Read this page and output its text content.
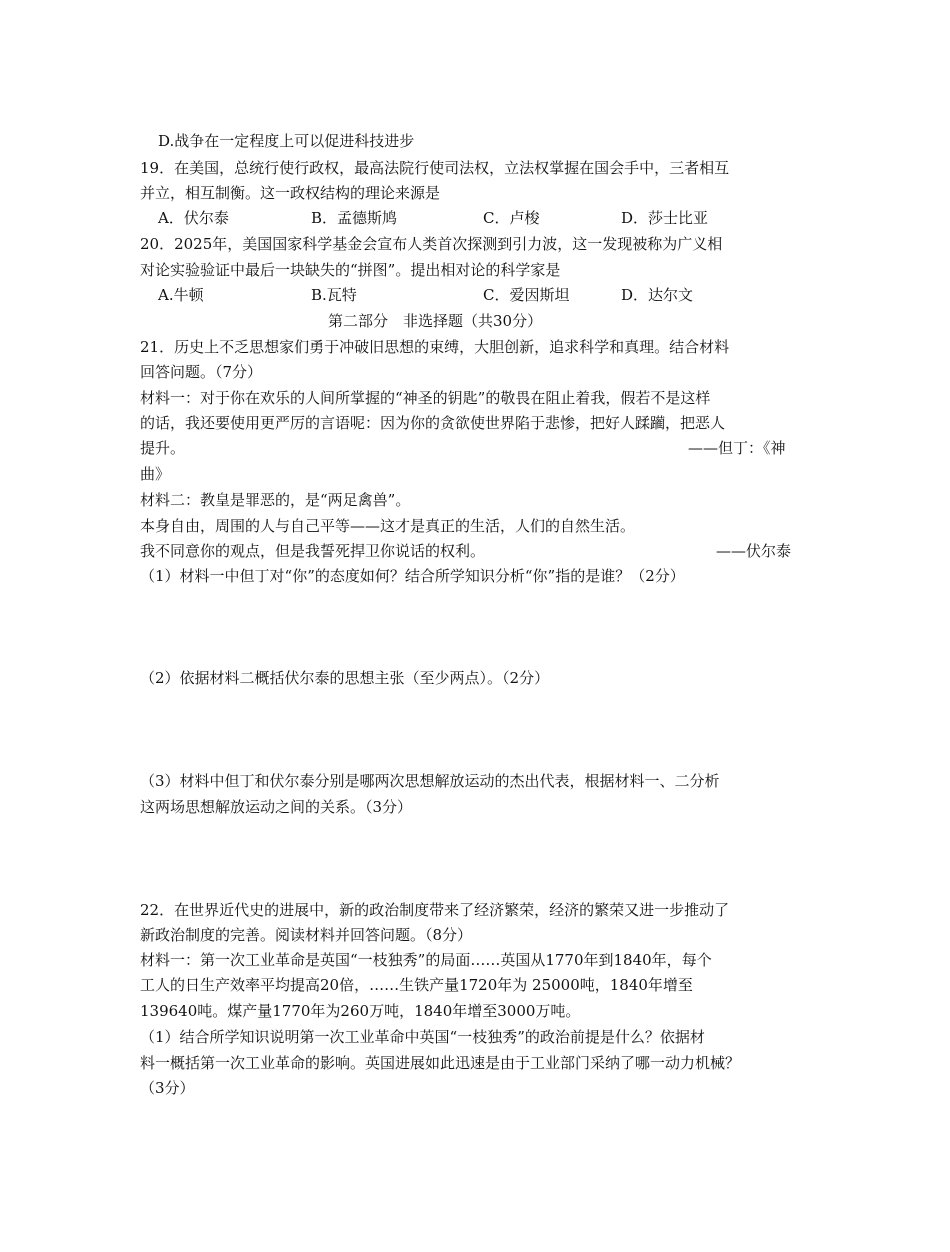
D.战争在一定程度上可以促进科技进步
19．在美国，总统行使行政权，最高法院行使司法权，立法权掌握在国会手中，三者相互
并立，相互制衡。这一政权结构的理论来源是
A．伏尔泰	B．孟德斯鸠	C．卢梭	D．莎士比亚
20．2025年，美国国家科学基金会宣布人类首次探测到引力波，这一发现被称为广义相
对论实验验证中最后一块缺失的“拼图”。提出相对论的科学家是
A.牛顿	B.瓦特	C．爱因斯坦	D．达尔文
第二部分　非选择题（共30分）
21．历史上不乏思想家们勇于冲破旧思想的束缚，大胆创新，追求科学和真理。结合材料
回答问题。（7分）
材料一：对于你在欢乐的人间所掌握的“神圣的钥匙”的敬畏在阻止着我，假若不是这样
的话，我还要使用更严厉的言语呢：因为你的贪欲使世界陷于悲惨，把好人蹂躏，把恶人
提升。	——但丁：《神
曲》
材料二：教皇是罪恶的，是“两足禽兽”。
本身自由，周围的人与自己平等——这才是真正的生活，人们的自然生活。
我不同意你的观点，但是我誓死捍卫你说话的权利。	——伏尔泰
（1）材料一中但丁对“你”的态度如何？结合所学知识分析“你”指的是谁？（2分）
（2）依据材料二概括伏尔泰的思想主张（至少两点）。（2分）
（3）材料中但丁和伏尔泰分别是哪两次思想解放运动的杰出代表，根据材料一、二分析
这两场思想解放运动之间的关系。（3分）
22．在世界近代史的进展中，新的政治制度带来了经济繁荣，经济的繁荣又进一步推动了
新政治制度的完善。阅读材料并回答问题。（8分）
材料一：第一次工业革命是英国“一枝独秀”的局面……英国从1770年到1840年，每个
工人的日生产效率平均提高20倍，……生铁产量1720年为 25000吨，1840年增至
139640吨。煤产量1770年为260万吨，1840年增至3000万吨。
（1）结合所学知识说明第一次工业革命中英国“一枝独秀”的政治前提是什么？依据材
料一概括第一次工业革命的影响。英国进展如此迅速是由于工业部门采纳了哪一动力机械？
（3分）
